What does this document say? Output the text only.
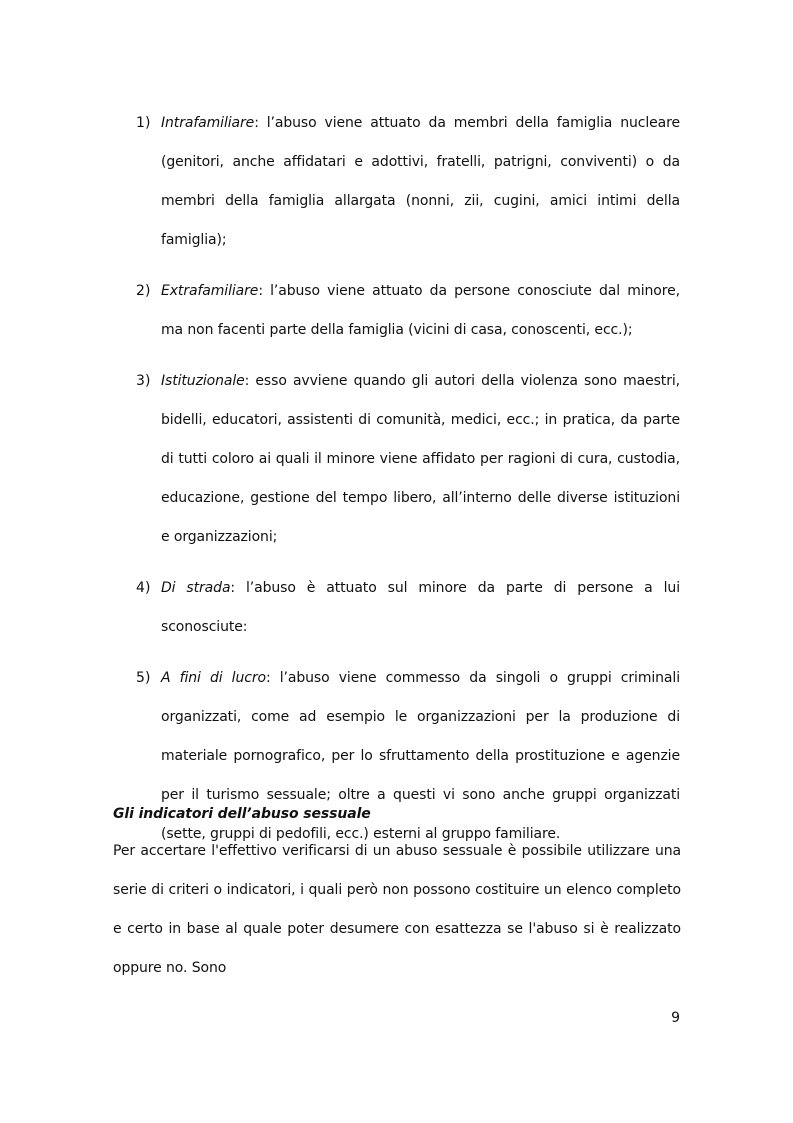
1) Intrafamiliare: l’abuso viene attuato da membri della famiglia nucleare (genitori, anche affidatari e adottivi, fratelli, patrigni, conviventi) o da membri della famiglia allargata (nonni, zii, cugini, amici intimi della famiglia);
2) Extrafamiliare: l’abuso viene attuato da persone conosciute dal minore, ma non facenti parte della famiglia (vicini di casa, conoscenti, ecc.);
3) Istituzionale: esso avviene quando gli autori della violenza sono maestri, bidelli, educatori, assistenti di comunità, medici, ecc.; in pratica, da parte di tutti coloro ai quali il minore viene affidato per ragioni di cura, custodia, educazione, gestione del tempo libero, all’interno delle diverse istituzioni e organizzazioni;
4) Di strada: l’abuso è attuato sul minore da parte di persone a lui sconosciute:
5) A fini di lucro: l’abuso viene commesso da singoli o gruppi criminali organizzati, come ad esempio le organizzazioni per la produzione di materiale pornografico, per lo sfruttamento della prostituzione e agenzie per il turismo sessuale; oltre a questi vi sono anche gruppi organizzati (sette, gruppi di pedofili, ecc.) esterni al gruppo familiare.
Gli indicatori dell’abuso sessuale

Per accertare l'effettivo verificarsi di un abuso sessuale è possibile utilizzare una serie di criteri o indicatori, i quali però non possono costituire un elenco completo e certo in base al quale poter desumere con esattezza se l'abuso si è realizzato oppure no. Sono

9
